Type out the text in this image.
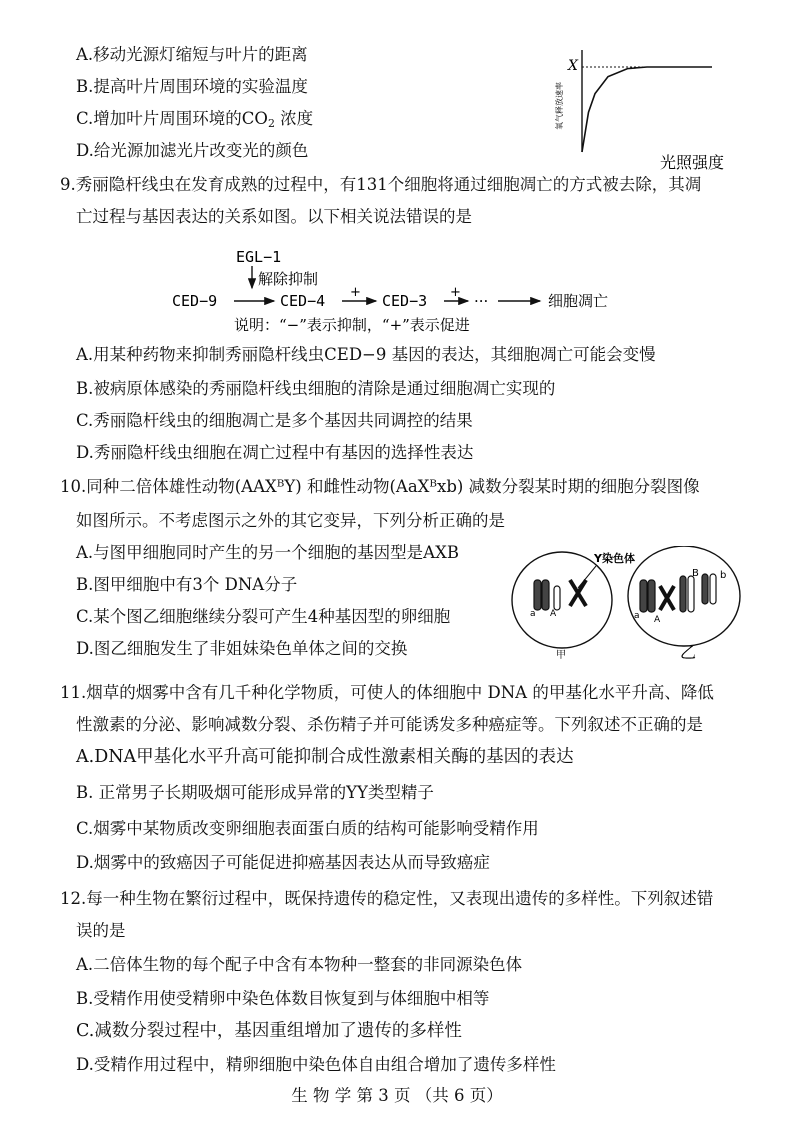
A.移动光源灯缩短与叶片的距离
B.提高叶片周围环境的实验温度
C.增加叶片周围环境的$CO_2$ 浓度
D.给光源加滤光片改变光的颜色
X
氧气释放速率
光照强度
9.秀丽隐杆线虫在发育成熟的过程中，有131个细胞将通过细胞凋亡的方式被去除，其凋
亡过程与基因表达的关系如图。以下相关说法错误的是
EGL−1
解除抑制
CED−9	CED−4 + CED−3 + ···	细胞凋亡
说明：“−”表示抑制，“+”表示促进
A.用某种药物来抑制秀丽隐杆线虫CED−9 基因的表达，其细胞凋亡可能会变慢
B.被病原体感染的秀丽隐杆线虫细胞的清除是通过细胞凋亡实现的
C.秀丽隐杆线虫的细胞凋亡是多个基因共同调控的结果
D.秀丽隐杆线虫细胞在凋亡过程中有基因的选择性表达
10.同种二倍体雄性动物(AAXᴮY) 和雌性动物(AaXᴮxb) 减数分裂某时期的细胞分裂图像
如图所示。不考虑图示之外的其它变异，下列分析正确的是
A.与图甲细胞同时产生的另一个细胞的基因型是AXB
B.图甲细胞中有3个 DNA分子
C.某个图乙细胞继续分裂可产生4种基因型的卵细胞
D.图乙细胞发生了非姐妹染色单体之间的交换
Y染色体
a A
甲
B b
a A
乙
11.烟草的烟雾中含有几千种化学物质，可使人的体细胞中 DNA 的甲基化水平升高、降低
性激素的分泌、影响减数分裂、杀伤精子并可能诱发多种癌症等。下列叙述不正确的是
A.DNA甲基化水平升高可能抑制合成性激素相关酶的基因的表达
B. 正常男子长期吸烟可能形成异常的YY类型精子
C.烟雾中某物质改变卵细胞表面蛋白质的结构可能影响受精作用
D.烟雾中的致癌因子可能促进抑癌基因表达从而导致癌症
12.每一种生物在繁衍过程中，既保持遗传的稳定性，又表现出遗传的多样性。下列叙述错
误的是
A.二倍体生物的每个配子中含有本物种一整套的非同源染色体
B.受精作用使受精卵中染色体数目恢复到与体细胞中相等
C.减数分裂过程中，基因重组增加了遗传的多样性
D.受精作用过程中，精卵细胞中染色体自由组合增加了遗传多样性
生 物 学 第 3 页 （共 6 页）
